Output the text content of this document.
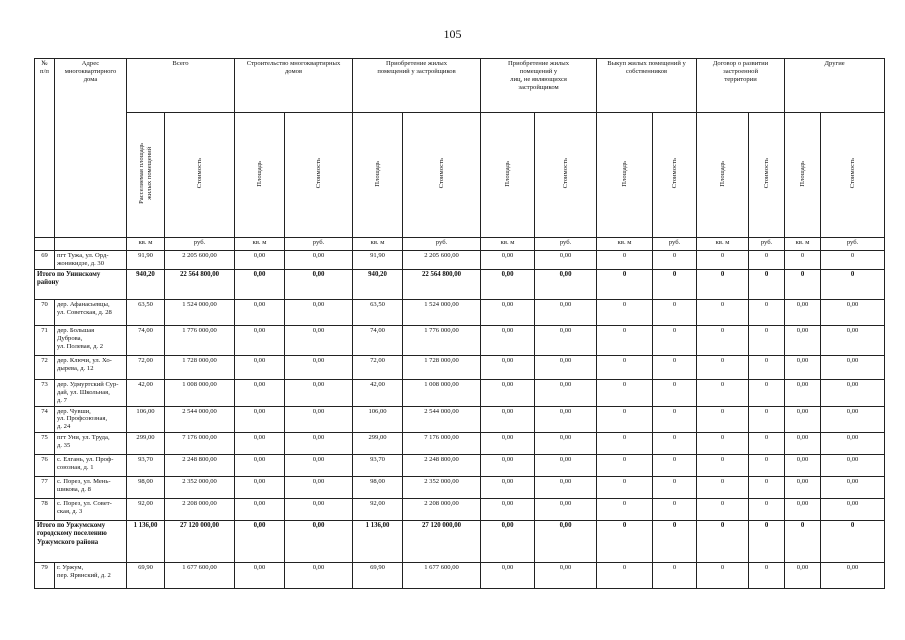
105
№
п/п	Адрес
многоквартирного
дома	Всего		Строительство многоквартирных
домов		Приобретение жилых
помещений у застройщиков		Приобретение жилых
помещений у
лиц, не являющихся
застройщиком		Выкуп жилых помещений у
собственников		Договор о развитии
застроенной
территории		Другие	
		Расселяемая площадь
жилых помещений	Стоимость	Площадь	Стоимость	Площадь	Стоимость	Площадь	Стоимость	Площадь	Стоимость	Площадь	Стоимость	Площадь	Стоимость
		кв. м	руб.	кв. м	руб.	кв. м	руб.	кв. м	руб.	кв. м	руб.	кв. м	руб.	кв. м	руб.
69	пгт Тужа, ул. Орд-
жоникидзе, д. 30	91,90	2 205 600,00	0,00	0,00	91,90	2 205 600,00	0,00	0,00	0	0	0	0	0	0
Итого по Унинскому
району		940,20	22 564 800,00	0,00	0,00	940,20	22 564 800,00	0,00	0,00	0	0	0	0	0	0
70	дер. Афанасьевцы,
ул. Советская, д. 28	63,50	1 524 000,00	0,00	0,00	63,50	1 524 000,00	0,00	0,00	0	0	0	0	0,00	0,00
71	дер. Большая
Дуброва,
ул. Полевая, д. 2	74,00	1 776 000,00	0,00	0,00	74,00	1 776 000,00	0,00	0,00	0	0	0	0	0,00	0,00
72	дер. Ключи, ул. Хо-
дырева, д. 12	72,00	1 728 000,00	0,00	0,00	72,00	1 728 000,00	0,00	0,00	0	0	0	0	0,00	0,00
73	дер. Удмуртский Сур-
дай, ул. Школьная,
д. 7	42,00	1 008 000,00	0,00	0,00	42,00	1 008 000,00	0,00	0,00	0	0	0	0	0,00	0,00
74	дер. Чувши,
ул. Профсоюзная,
д. 24	106,00	2 544 000,00	0,00	0,00	106,00	2 544 000,00	0,00	0,00	0	0	0	0	0,00	0,00
75	пгт Уни, ул. Труда,
д. 35	299,00	7 176 000,00	0,00	0,00	299,00	7 176 000,00	0,00	0,00	0	0	0	0	0,00	0,00
76	с. Елгань, ул. Проф-
союзная, д. 1	93,70	2 248 800,00	0,00	0,00	93,70	2 248 800,00	0,00	0,00	0	0	0	0	0,00	0,00
77	с. Порез, ул. Мень-
шикова, д. 8	98,00	2 352 000,00	0,00	0,00	98,00	2 352 000,00	0,00	0,00	0	0	0	0	0,00	0,00
78	с. Порез, ул. Совет-
ская, д. 3	92,00	2 208 000,00	0,00	0,00	92,00	2 208 000,00	0,00	0,00	0	0	0	0	0,00	0,00
Итого по Уржумскому
городскому поселению
Уржумского района		1 136,00	27 120 000,00	0,00	0,00	1 136,00	27 120 000,00	0,00	0,00	0	0	0	0	0	0
79	г. Уржум,
пер. Ярвнский, д. 2	69,90	1 677 600,00	0,00	0,00	69,90	1 677 600,00	0,00	0,00	0	0	0	0	0,00	0,00
